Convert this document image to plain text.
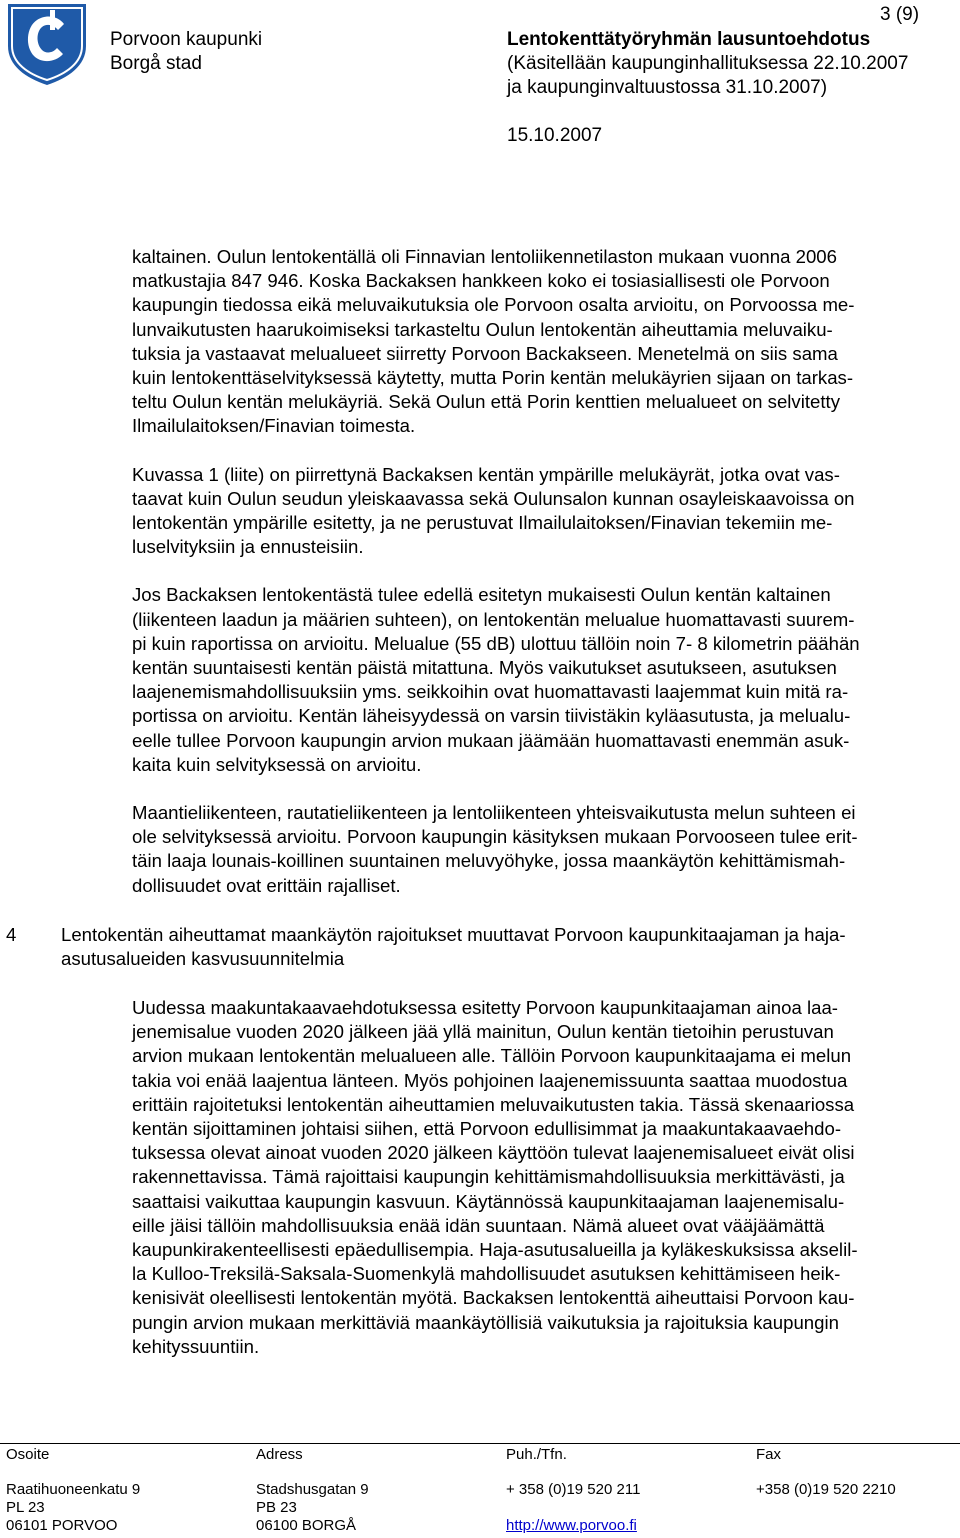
Porvoon kaupunki
Borgå stad
3 (9)
Lentokenttätyöryhmän lausuntoehdotus
(Käsitellään kaupunginhallituksessa 22.10.2007
ja kaupunginvaltuustossa 31.10.2007)
15.10.2007

kaltainen. Oulun lentokentällä oli Finnavian lentoliikennetilaston mukaan vuonna 2006
matkustajia 847 946. Koska Backaksen hankkeen koko ei tosiasiallisesti ole Porvoon
kaupungin tiedossa eikä meluvaikutuksia ole Porvoon osalta arvioitu, on Porvoossa me-
lunvaikutusten haarukoimiseksi tarkasteltu Oulun lentokentän aiheuttamia meluvaiku-
tuksia ja vastaavat melualueet siirretty Porvoon Backakseen. Menetelmä on siis sama
kuin lentokenttäselvityksessä käytetty, mutta Porin kentän melukäyrien sijaan on tarkas-
teltu Oulun kentän melukäyriä. Sekä Oulun että Porin kenttien melualueet on selvitetty
Ilmailulaitoksen/Finavian toimesta.

Kuvassa 1 (liite) on piirrettynä Backaksen kentän ympärille melukäyrät, jotka ovat vas-
taavat kuin Oulun seudun yleiskaavassa sekä Oulunsalon kunnan osayleiskaavoissa on
lentokentän ympärille esitetty, ja ne perustuvat Ilmailulaitoksen/Finavian tekemiin me-
luselvityksiin ja ennusteisiin.

Jos Backaksen lentokentästä tulee edellä esitetyn mukaisesti Oulun kentän kaltainen
(liikenteen laadun ja määrien suhteen), on lentokentän melualue huomattavasti suurem-
pi kuin raportissa on arvioitu. Melualue (55 dB) ulottuu tällöin noin 7- 8 kilometrin päähän
kentän suuntaisesti kentän päistä mitattuna. Myös vaikutukset asutukseen, asutuksen
laajenemismahdollisuuksiin yms. seikkoihin ovat huomattavasti laajemmat kuin mitä ra-
portissa on arvioitu. Kentän läheisyydessä on varsin tiivistäkin kyläasutusta, ja melualu-
eelle tullee Porvoon kaupungin arvion mukaan jäämään huomattavasti enemmän asuk-
kaita kuin selvityksessä on arvioitu.

Maantieliikenteen, rautatieliikenteen ja lentoliikenteen yhteisvaikutusta melun suhteen ei
ole selvityksessä arvioitu. Porvoon kaupungin käsityksen mukaan Porvooseen tulee erit-
täin laaja lounais-koillinen suuntainen meluvyöhyke, jossa maankäytön kehittämismah-
dollisuudet ovat erittäin rajalliset.

4 Lentokentän aiheuttamat maankäytön rajoitukset muuttavat Porvoon kaupunkitaajaman ja haja-
asutusalueiden kasvusuunnitelmia
Uudessa maakuntakaavaehdotuksessa esitetty Porvoon kaupunkitaajaman ainoa laa-
jenemisalue vuoden 2020 jälkeen jää yllä mainitun, Oulun kentän tietoihin perustuvan
arvion mukaan lentokentän melualueen alle. Tällöin Porvoon kaupunkitaajama ei melun
takia voi enää laajentua länteen. Myös pohjoinen laajenemissuunta saattaa muodostua
erittäin rajoitetuksi lentokentän aiheuttamien meluvaikutusten takia. Tässä skenaariossa
kentän sijoittaminen johtaisi siihen, että Porvoon edullisimmat ja maakuntakaavaehdo-
tuksessa olevat ainoat vuoden 2020 jälkeen käyttöön tulevat laajenemisalueet eivät olisi
rakennettavissa. Tämä rajoittaisi kaupungin kehittämismahdollisuuksia merkittävästi, ja
saattaisi vaikuttaa kaupungin kasvuun. Käytännössä kaupunkitaajaman laajenemisalu-
eille jäisi tällöin mahdollisuuksia enää idän suuntaan. Nämä alueet ovat vääjäämättä
kaupunkirakenteellisesti epäedullisempia. Haja-asutusalueilla ja kyläkeskuksissa akselil-
la Kulloo-Treksilä-Saksala-Suomenkylä mahdollisuudet asutuksen kehittämiseen heik-
kenisivät oleellisesti lentokentän myötä. Backaksen lentokenttä aiheuttaisi Porvoon kau-
pungin arvion mukaan merkittäviä maankäytöllisiä vaikutuksia ja rajoituksia kaupungin
kehityssuuntiin.
Osoite
Raatihuoneenkatu 9
PL 23
06101 PORVOO
Adress
Stadshusgatan 9
PB 23
06100 BORGÅ
Puh./Tfn.
+ 358 (0)19 520 211

http://www.porvoo.fi
Fax
+358 (0)19 520 2210
